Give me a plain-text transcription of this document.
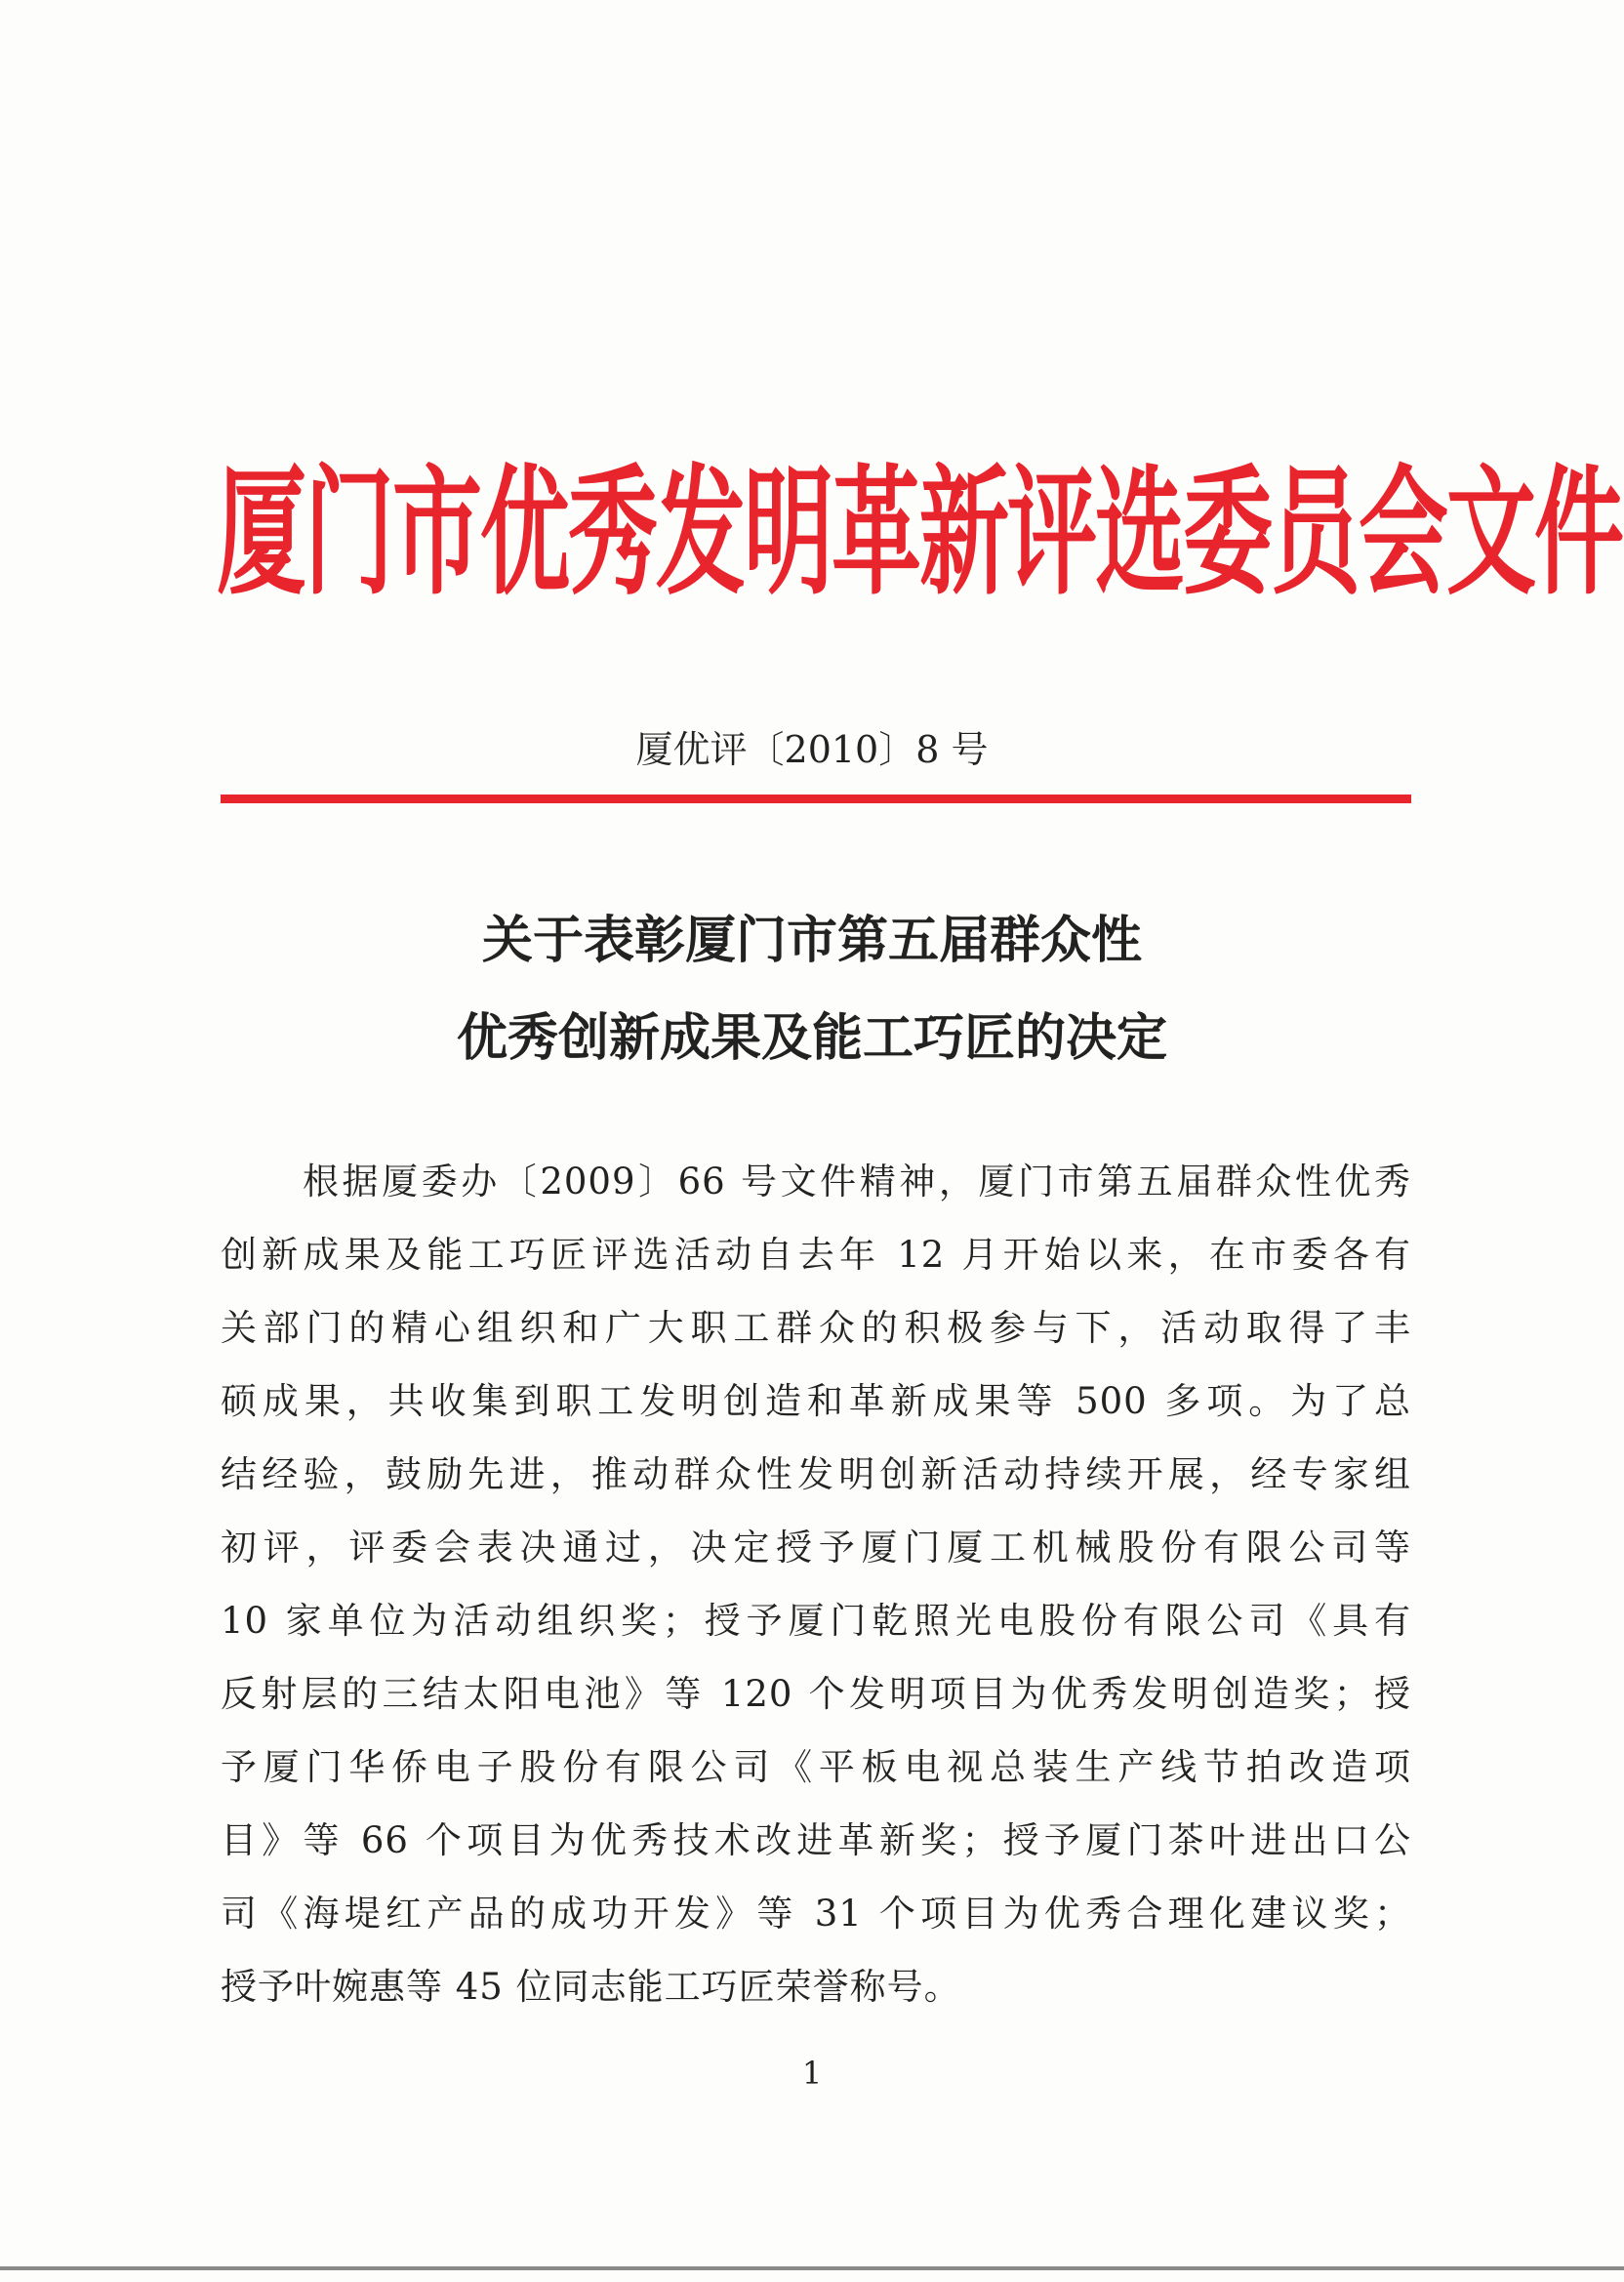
厦门市优秀发明革新评选委员会文件
厦优评〔2010〕8 号
关于表彰厦门市第五届群众性
优秀创新成果及能工巧匠的决定
根据厦委办〔2009〕66 号文件精神，厦门市第五届群众性优秀
创新成果及能工巧匠评选活动自去年 12 月开始以来，在市委各有
关部门的精心组织和广大职工群众的积极参与下，活动取得了丰
硕成果，共收集到职工发明创造和革新成果等 500 多项。为了总
结经验，鼓励先进，推动群众性发明创新活动持续开展，经专家组
初评，评委会表决通过，决定授予厦门厦工机械股份有限公司等
10 家单位为活动组织奖；授予厦门乾照光电股份有限公司《具有
反射层的三结太阳电池》等 120 个发明项目为优秀发明创造奖；授
予厦门华侨电子股份有限公司《平板电视总装生产线节拍改造项
目》等 66 个项目为优秀技术改进革新奖；授予厦门茶叶进出口公
司《海堤红产品的成功开发》等 31 个项目为优秀合理化建议奖；
授予叶婉惠等 45 位同志能工巧匠荣誉称号。
1
